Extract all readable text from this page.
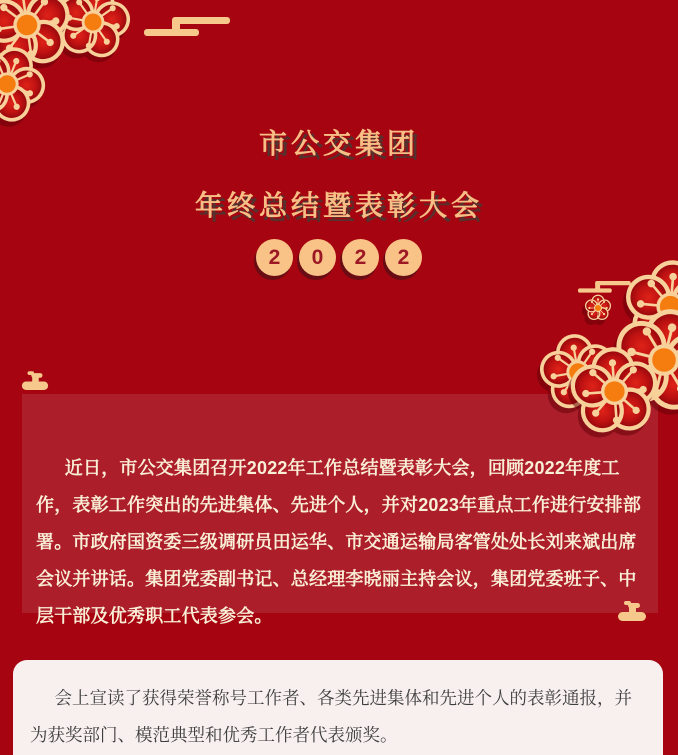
市公交集团
年终总结暨表彰大会
2	0	2	2

近日，市公交集团召开2022年工作总结暨表彰大会，回顾2022年度工作，表彰工作突出的先进集体、先进个人，并对2023年重点工作进行安排部署。市政府国资委三级调研员田运华、市交通运输局客管处处长刘来斌出席会议并讲话。集团党委副书记、总经理李晓丽主持会议，集团党委班子、中层干部及优秀职工代表参会。

会上宣读了获得荣誉称号工作者、各类先进集体和先进个人的表彰通报，并为获奖部门、模范典型和优秀工作者代表颁奖。
